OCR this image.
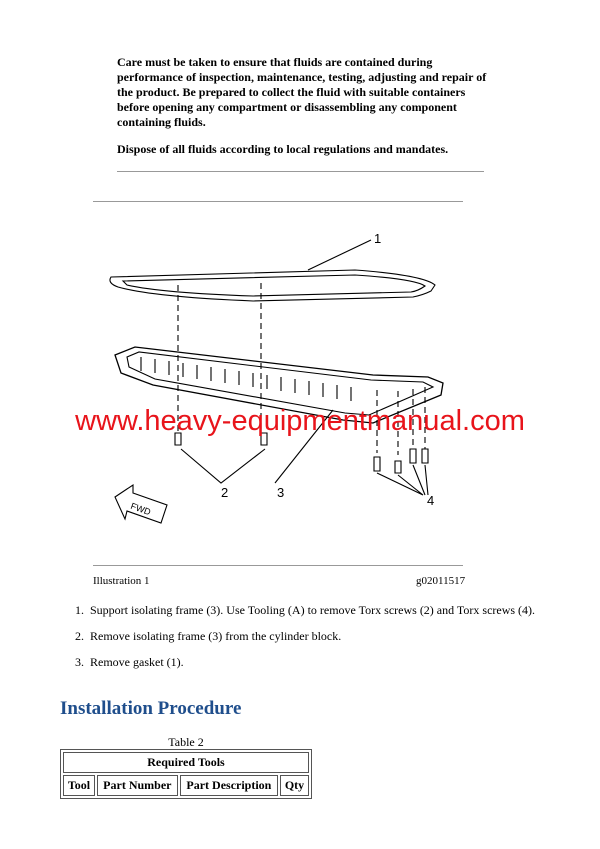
Care must be taken to ensure that fluids are contained during performance of inspection, maintenance, testing, adjusting and repair of the product. Be prepared to collect the fluid with suitable containers before opening any compartment or disassembling any component containing fluids.

Dispose of all fluids according to local regulations and mandates.

1
2	3
4
FWD
www.heavy-equipmentmanual.com
Illustration 1	g02011517
1. Support isolating frame (3). Use Tooling (A) to remove Torx screws (2) and Torx screws (4).
2. Remove isolating frame (3) from the cylinder block.
3. Remove gasket (1).
Installation Procedure
Table 2
Required Tools
Tool	Part Number	Part Description	Qty
